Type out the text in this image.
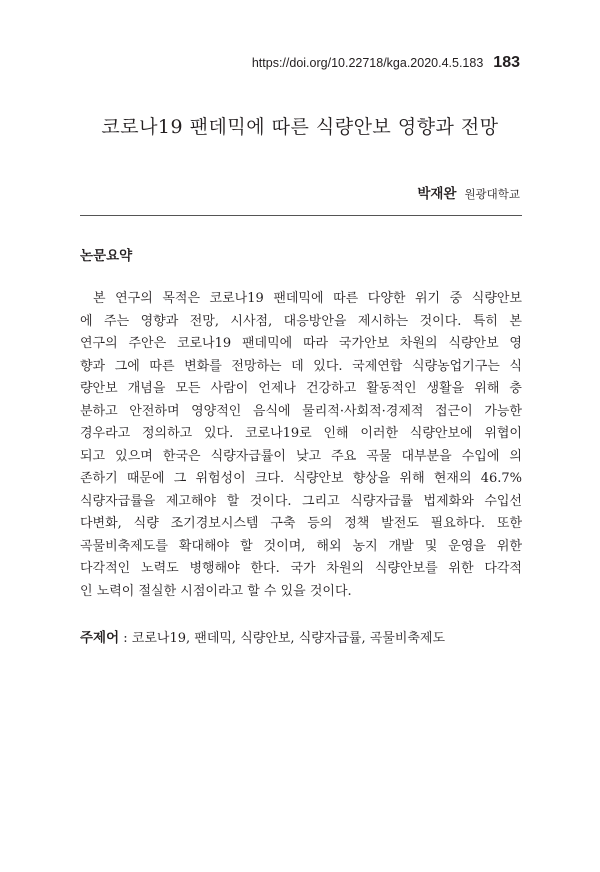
https://doi.org/10.22718/kga.2020.4.5.183 183
코로나19 팬데믹에 따른 식량안보 영향과 전망
박재완 원광대학교
논문요약
본 연구의 목적은 코로나19 팬데믹에 따른 다양한 위기 중 식량안보
에 주는 영향과 전망, 시사점, 대응방안을 제시하는 것이다. 특히 본
연구의 주안은 코로나19 팬데믹에 따라 국가안보 차원의 식량안보 영
향과 그에 따른 변화를 전망하는 데 있다. 국제연합 식량농업기구는 식
량안보 개념을 모든 사람이 언제나 건강하고 활동적인 생활을 위해 충
분하고 안전하며 영양적인 음식에 물리적·사회적·경제적 접근이 가능한
경우라고 정의하고 있다. 코로나19로 인해 이러한 식량안보에 위협이
되고 있으며 한국은 식량자급률이 낮고 주요 곡물 대부분을 수입에 의
존하기 때문에 그 위험성이 크다. 식량안보 향상을 위해 현재의 46.7%
식량자급률을 제고해야 할 것이다. 그리고 식량자급률 법제화와 수입선
다변화, 식량 조기경보시스템 구축 등의 정책 발전도 필요하다. 또한
곡물비축제도를 확대해야 할 것이며, 해외 농지 개발 및 운영을 위한
다각적인 노력도 병행해야 한다. 국가 차원의 식량안보를 위한 다각적
인 노력이 절실한 시점이라고 할 수 있을 것이다.
주제어 : 코로나19, 팬데믹, 식량안보, 식량자급률, 곡물비축제도
